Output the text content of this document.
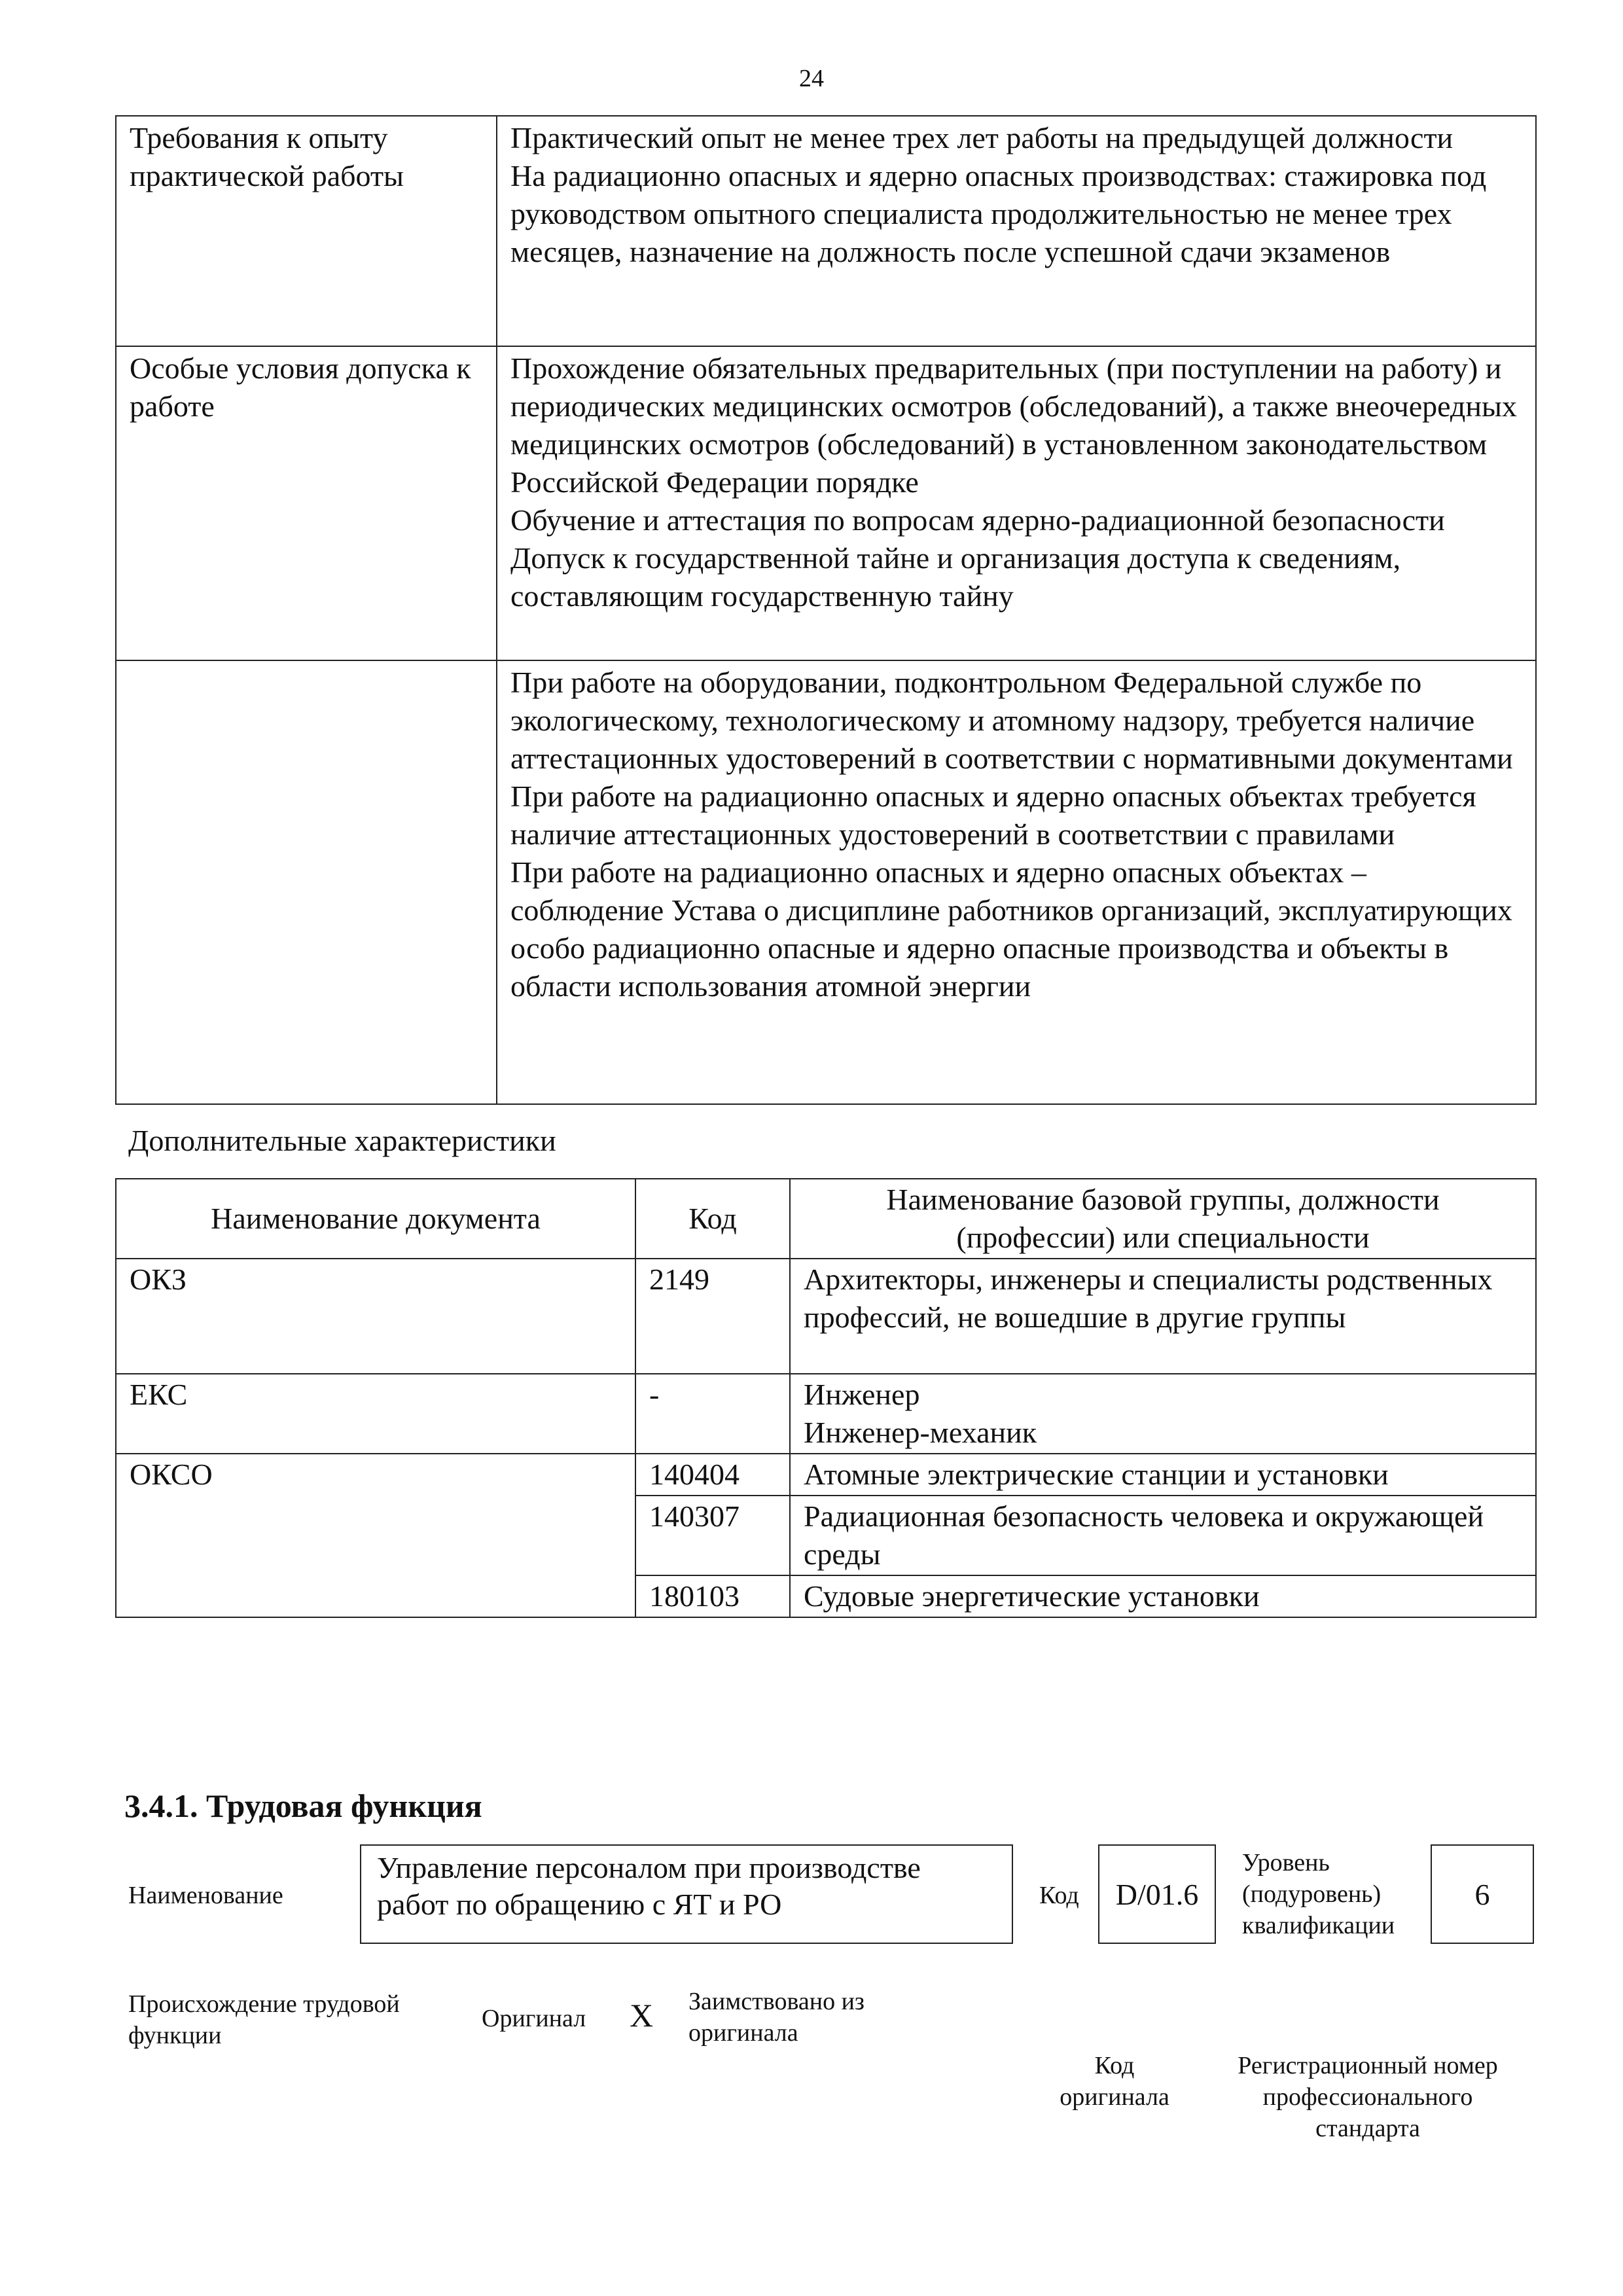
24
Требования к опыту практической работы	Практический опыт не менее трех лет работы на предыдущей должности

На радиационно опасных и ядерно опасных производствах: стажировка под руководством опытного специалиста продолжительностью не менее трех месяцев, назначение на должность после успешной сдачи экзаменов

Особые условия допуска к работе	Прохождение обязательных предварительных (при поступлении на работу) и периодических медицинских осмотров (обследований), а также внеочередных медицинских осмотров (обследований) в установленном законодательством Российской Федерации порядке

Обучение и аттестация по вопросам ядерно-радиационной безопасности

Допуск к государственной тайне и организация доступа к сведениям, составляющим государственную тайну

	При работе на оборудовании, подконтрольном Федеральной службе по экологическому, технологическому и атомному надзору, требуется наличие аттестационных удостоверений в соответствии с нормативными документами

При работе на радиационно опасных и ядерно опасных объектах требуется наличие аттестационных удостоверений в соответствии с правилами

При работе на радиационно опасных и ядерно опасных объектах – соблюдение Устава о дисциплине работников организаций, эксплуатирующих особо радиационно опасные и ядерно опасные производства и объекты в области использования атомной энергии

Дополнительные характеристики
Наименование документа	Код	Наименование базовой группы, должности (профессии) или специальности
ОКЗ	2149	Архитекторы, инженеры и специалисты родственных профессий, не вошедшие в другие группы
ЕКС	-	Инженер

Инженер-механик

ОКСО	140404	Атомные электрические станции и установки
	140307	Радиационная безопасность человека и окружающей среды
	180103	Судовые энергетические установки
3.4.1. Трудовая функция
Наименование
Управление персоналом при производстве работ по обращению с ЯТ и РО	Код	D/01.6
Уровень (подуровень) квалификации
6
Происхождение трудовой функции
Оригинал X Заимствовано из оригинала
Код оригинала
Регистрационный номер профессионального стандарта
